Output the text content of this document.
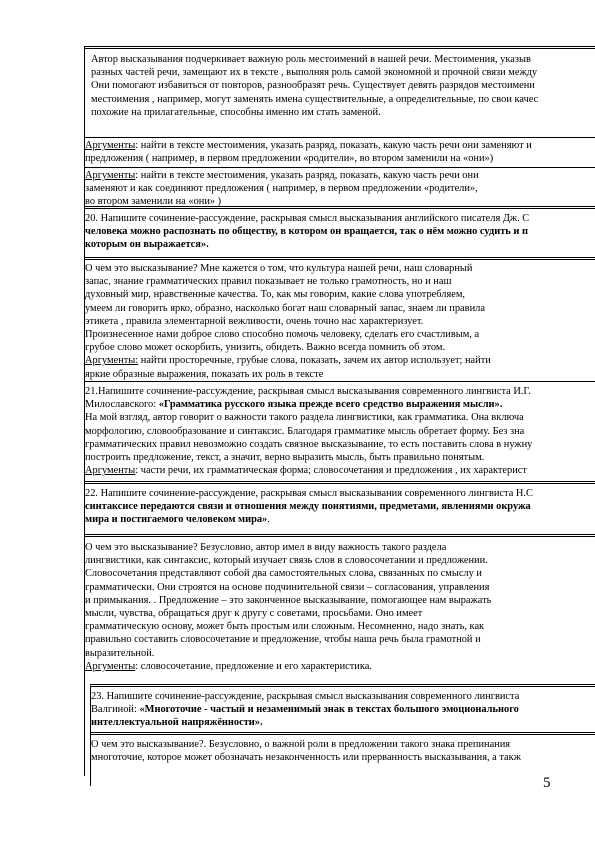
Автор высказывания подчеркивает важную роль местоимений в нашей речи. Местоимения, указыв
разных частей речи, замещают их в тексте , выполняя роль самой экономной и прочной связи между
Они помогают избавиться от повторов, разнообразят речь. Существует девять разрядов местоимени
местоимения , например, могут заменять имена существительные, а определительные, по свои качес
похожие на прилагательные, способны именно им стать заменой.
Аргументы: найти в тексте местоимения, указать разряд, показать, какую часть речи они заменяют и
предложения ( например, в первом предложении «родители», во втором заменили на «они»)
Аргументы: найти в тексте местоимения, указать разряд, показать, какую часть речи они
заменяют и как соединяют предложения ( например, в первом предложении «родители»,
во втором заменили на «они» )
20. Напишите сочинение-рассуждение, раскрывая смысл высказывания английского писателя Дж. С
человека можно распознать по обществу, в котором он вращается, так о нём можно судить и п
которым он выражается».
О чем это высказывание? Мне кажется о том, что культура нашей речи, наш словарный
запас, знание грамматических правил показывает не только грамотность, но и наш
духовный мир, нравственные качества. То, как мы говорим, какие слова употребляем,
умеем ли говорить ярко, образно, насколько богат наш словарный запас, знаем ли правила
этикета , правила элементарной вежливости, очень точно нас характеризует.
Произнесенное нами доброе слово способно помочь человеку, сделать его счастливым, а
грубое слово может оскорбить, унизить, обидеть. Важно всегда помнить об этом.
Аргументы: найти просторечные, грубые слова, показать, зачем их автор использует; найти
яркие образные выражения, показать их роль в тексте
21.Напишите сочинение-рассуждение, раскрывая смысл высказывания современного лингвиста И.Г.
Милославского: «Грамматика русского языка прежде всего средство выражения мысли».
На мой взгляд, автор говорит о важности такого раздела лингвистики, как грамматика. Она включа
морфологию, словообразование и синтаксис. Благодаря грамматике мысль обретает форму. Без зна
грамматических правил невозможно создать связное высказывание, то есть поставить слова в нужну
построить предложение, текст, а значит, верно выразить мысль, быть правильно понятым.
Аргументы: части речи, их грамматическая форма; словосочетания и предложения , их характерист
22. Напишите сочинение-рассуждение, раскрывая смысл высказывания современного лингвиста Н.С
синтаксисе передаются связи и отношения между понятиями, предметами, явлениями окружа
мира и постигаемого человеком мира».
О чем это высказывание? Безусловно, автор имел в виду важность такого раздела
лингвистики, как синтаксис, который изучает связь слов в словосочетании и предложении.
Словосочетания представляют собой два самостоятельных слова, связанных по смыслу и
грамматически. Они строятся на основе подчинительной связи – согласования, управления
и примыкания. . Предложение – это законченное высказывание, помогающее нам выражать
мысли, чувства, обращаться друг к другу с советами, просьбами. Оно имеет
грамматическую основу, может быть простым или сложным. Несомненно, надо знать, как
правильно составить словосочетание и предложение, чтобы наша речь была грамотной и
выразительной.
Аргументы: словосочетание, предложение и его характеристика.
23. Напишите сочинение-рассуждение, раскрывая смысл высказывания современного лингвиста
Валгиной: «Многоточие - частый и незаменимый знак в текстах большого эмоционального
интеллектуальной напряжённости».
О чем это высказывание?. Безусловно, о важной роли в предложении такого знака препинания
многоточие, которое может обозначать незаконченность или прерванность высказывания, а такж
5
